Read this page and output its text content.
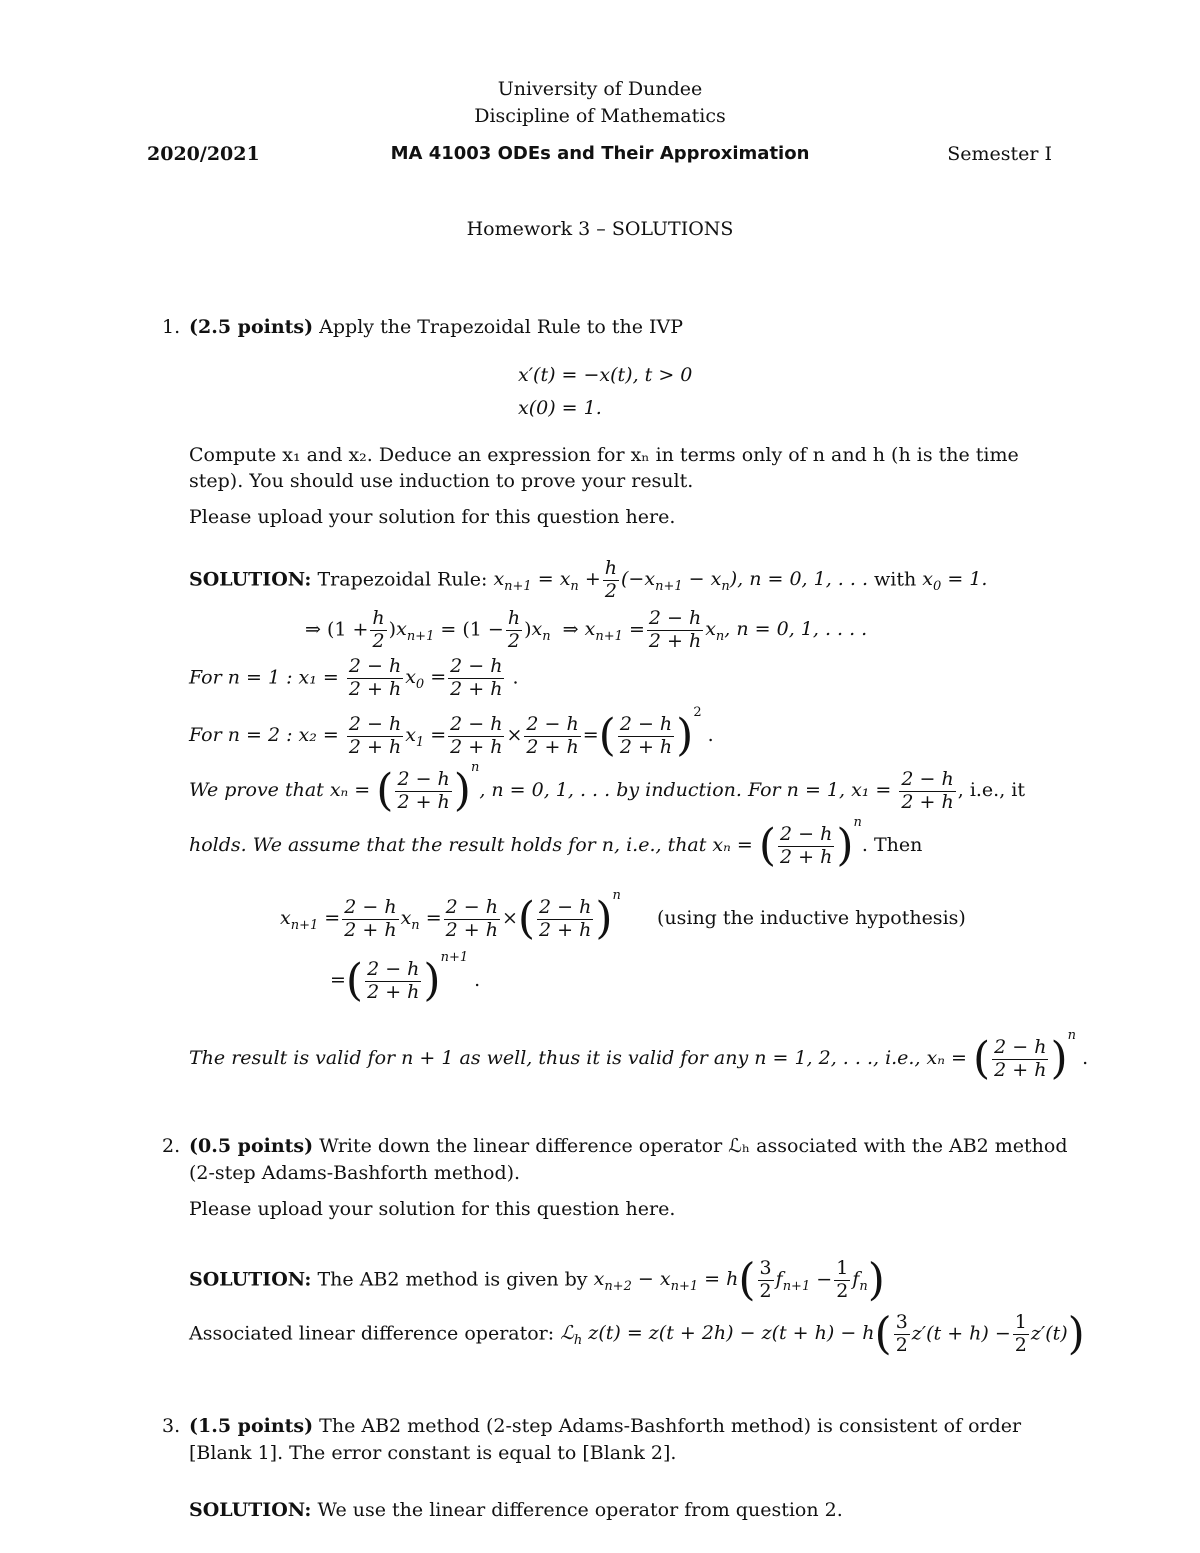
University of Dundee
Discipline of Mathematics
2020/2021	MA 41003 ODEs and Their Approximation	Semester I
Homework 3 – SOLUTIONS
1. (2.5 points) Apply the Trapezoidal Rule to the IVP
x′(t) = −x(t), t > 0
x(0) = 1.
Compute x₁ and x₂. Deduce an expression for xₙ in terms only of n and h (h is the time
step). You should use induction to prove your result.
Please upload your solution for this question here.
SOLUTION: Trapezoidal Rule: $x_{n+1} = x_n + \frac{h}{2} (-x_{n+1} - x_n)$, n = 0, 1, . . . with $x_0 = 1$.
⇒ $(1 + \frac{h}{2} )x_{n+1} = (1 - \frac{h}{2} )x_n$  ⇒ $x_{n+1} = \frac{2 - h}{2 + h} x_n$, n = 0, 1, . . . .
For n = 1 : $x_1 = \frac{2 - h}{2 + h} x_0 = \frac{2 - h}{2 + h}$ .
For n = 2 : $x_2 = \frac{2 - h}{2 + h} x_1 = \frac{2 - h}{2 + h} \times \frac{2 - h}{2 + h}$ =( $\frac{2 - h}{2 + h} )^2$ .
We prove that xₙ = ( $\frac{2 - h}{2 + h} )^n$, n = 0, 1, . . . by induction. For n = 1, $x_1 = \frac{2 - h}{2 + h}$ , i.e., it
holds. We assume that the result holds for n, i.e., that xₙ = ( $\frac{2 - h}{2 + h} )^n$. Then
$x_{n+1} = \frac{2 - h}{2 + h} x_n = \frac{2 - h}{2 + h}$ ×( $\frac{2 - h}{2 + h} )^n$ (using the inductive hypothesis)
=( $\frac{2 - h}{2 + h} )^{n+1}$ .
The result is valid for n + 1 as well, thus it is valid for any n = 1, 2, . . ., i.e., xₙ = ( $\frac{2 - h}{2 + h} )^n$ .
2. (0.5 points) Write down the linear difference operator ℒₕ associated with the AB2 method
(2-step Adams-Bashforth method).
Please upload your solution for this question here.
SOLUTION: The AB2 method is given by $x_{n+2} - x_{n+1} = h( \frac{3}{2} f_{n+1} - \frac{1}{2} f_n)$
Associated linear difference operator: ℒ$_h$ $z(t) = z(t + 2h) - z(t + h) - h( \frac{3}{2} z'(t + h) - \frac{1}{2} z'(t))$
3. (1.5 points) The AB2 method (2-step Adams-Bashforth method) is consistent of order
[Blank 1]. The error constant is equal to [Blank 2].
SOLUTION: We use the linear difference operator from question 2.
